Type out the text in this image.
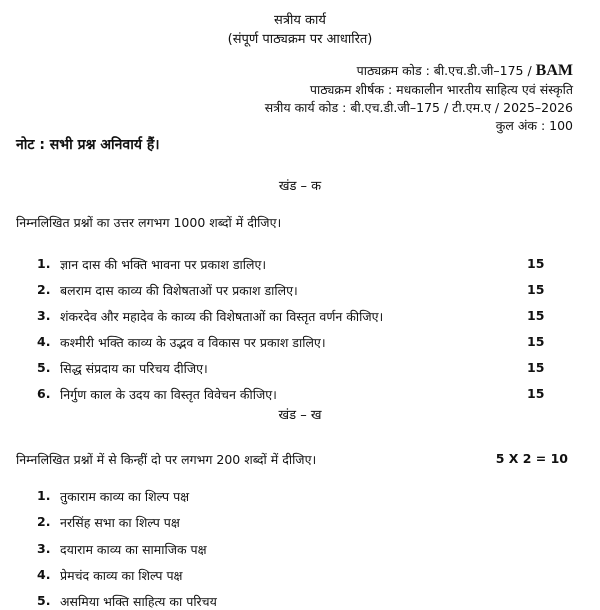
सत्रीय कार्य
(संपूर्ण पाठ्यक्रम पर आधारित)
पाठ्यक्रम कोड : बी.एच.डी.जी–175 / BAM
पाठ्यक्रम शीर्षक : मधकालीन भारतीय साहित्य एवं संस्कृति
सत्रीय कार्य कोड : बी.एच.डी.जी–175 / टी.एम.ए / 2025–2026
कुल अंक : 100
नोट : सभी प्रश्न अनिवार्य हैं।
खंड – क
निम्नलिखित प्रश्नों का उत्तर लगभग 1000 शब्दों में दीजिए।
1. ज्ञान दास की भक्ति भावना पर प्रकाश डालिए।	15
2. बलराम दास काव्य की विशेषताओं पर प्रकाश डालिए।	15
3. शंकरदेव और महादेव के काव्य की विशेषताओं का विस्तृत वर्णन कीजिए।	15
4. कश्मीरी भक्ति काव्य के उद्भव व विकास पर प्रकाश डालिए।	15
5. सिद्ध संप्रदाय का परिचय दीजिए।	15
6. निर्गुण काल के उदय का विस्तृत विवेचन कीजिए।	15
खंड – ख
निम्नलिखित प्रश्नों में से किन्हीं दो पर लगभग 200 शब्दों में दीजिए।	5 X 2 = 10
1. तुकाराम काव्य का शिल्प पक्ष
2. नरसिंह सभा का शिल्प पक्ष
3. दयाराम काव्य का सामाजिक पक्ष
4. प्रेमचंद काव्य का शिल्प पक्ष
5. असमिया भक्ति साहित्य का परिचय
